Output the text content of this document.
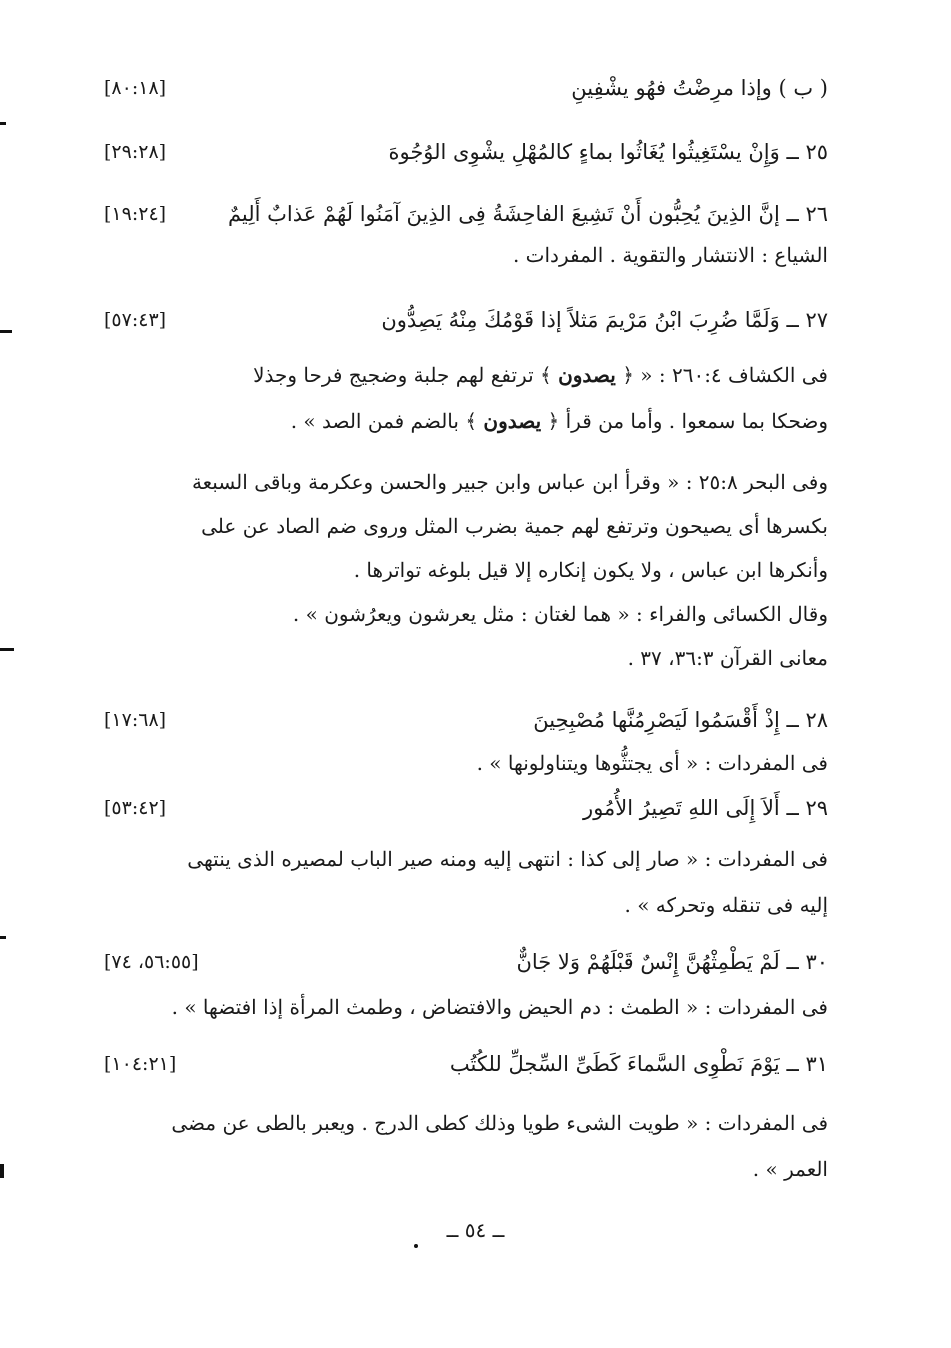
( ب ) وإذا مرِضْتُ فهُو يشْفِينِ
[٨٠:١٨]
٢٥ ــ وَإِنْ يسْتَغِيثُوا يُغَاثُوا بماءٍ كالمُهْلِ يشْوِى الوُجُوهَ
[٢٩:٢٨]
٢٦ ــ إنَّ الذِينَ يُحِبُّون أَنْ تَشِيعَ الفاحِشَةُ فِى الذِينَ آمَنُوا لَهُمْ عَذابٌ أَلِيمٌ
[١٩:٢٤]
الشياع : الانتشار والتقوية . المفردات .
٢٧ ــ وَلَمَّا ضُرِبَ ابْنُ مَرْيمَ مَثلاً إذا قَوْمُكَ مِنْهُ يَصِدُّون
[٥٧:٤٣]
فى الكشاف ٢٦٠:٤ : « ﴿ يصدون ﴾ ترتفع لهم جلبة وضجيج فرحا وجذلا
وضحكا بما سمعوا . وأما من قرأ ﴿ يصدون ﴾ بالضم فمن الصد » .
وفى البحر ٢٥:٨ : « وقرأ ابن عباس وابن جبير والحسن وعكرمة وباقى السبعة
بكسرها أى يصيحون وترتفع لهم جمية بضرب المثل وروى ضم الصاد عن على
وأنكرها ابن عباس ، ولا يكون إنكاره إلا قيل بلوغه تواترها .
وقال الكسائى والفراء : « هما لغتان : مثل يعرشون ويعرُشون » .
معانى القرآن ٣٦:٣، ٣٧ .
٢٨ ــ إِذْ أَقْسَمُوا لَيَصْرِمُنَّها مُصْبِحِينَ
[١٧:٦٨]
فى المفردات : « أى يجتثُّوها ويتناولونها » .
٢٩ ــ أَلاَ إِلَى اللهِ تَصِيرُ الأُمُور
[٥٣:٤٢]
فى المفردات : « صار إلى كذا : انتهى إليه ومنه صير الباب لمصيره الذى ينتهى
إليه فى تنقله وتحركه » .
٣٠ ــ لَمْ يَطْمِثْهُنَّ إِنْسٌ قَبْلَهُمْ وَلا جَانٌّ
[٥٦:٥٥، ٧٤]
فى المفردات : « الطمث : دم الحيض والافتضاض ، وطمث المرأة إذا افتضها » .
٣١ ــ يَوْمَ نَطْوِى السَّماءَ كَطَىِّ السِّجلِّ للكُتُب
[١٠٤:٢١]
فى المفردات : « طويت الشىء طويا وذلك كطى الدرج . ويعبر بالطى عن مضى
العمر » .
ــ ٥٤ ــ
